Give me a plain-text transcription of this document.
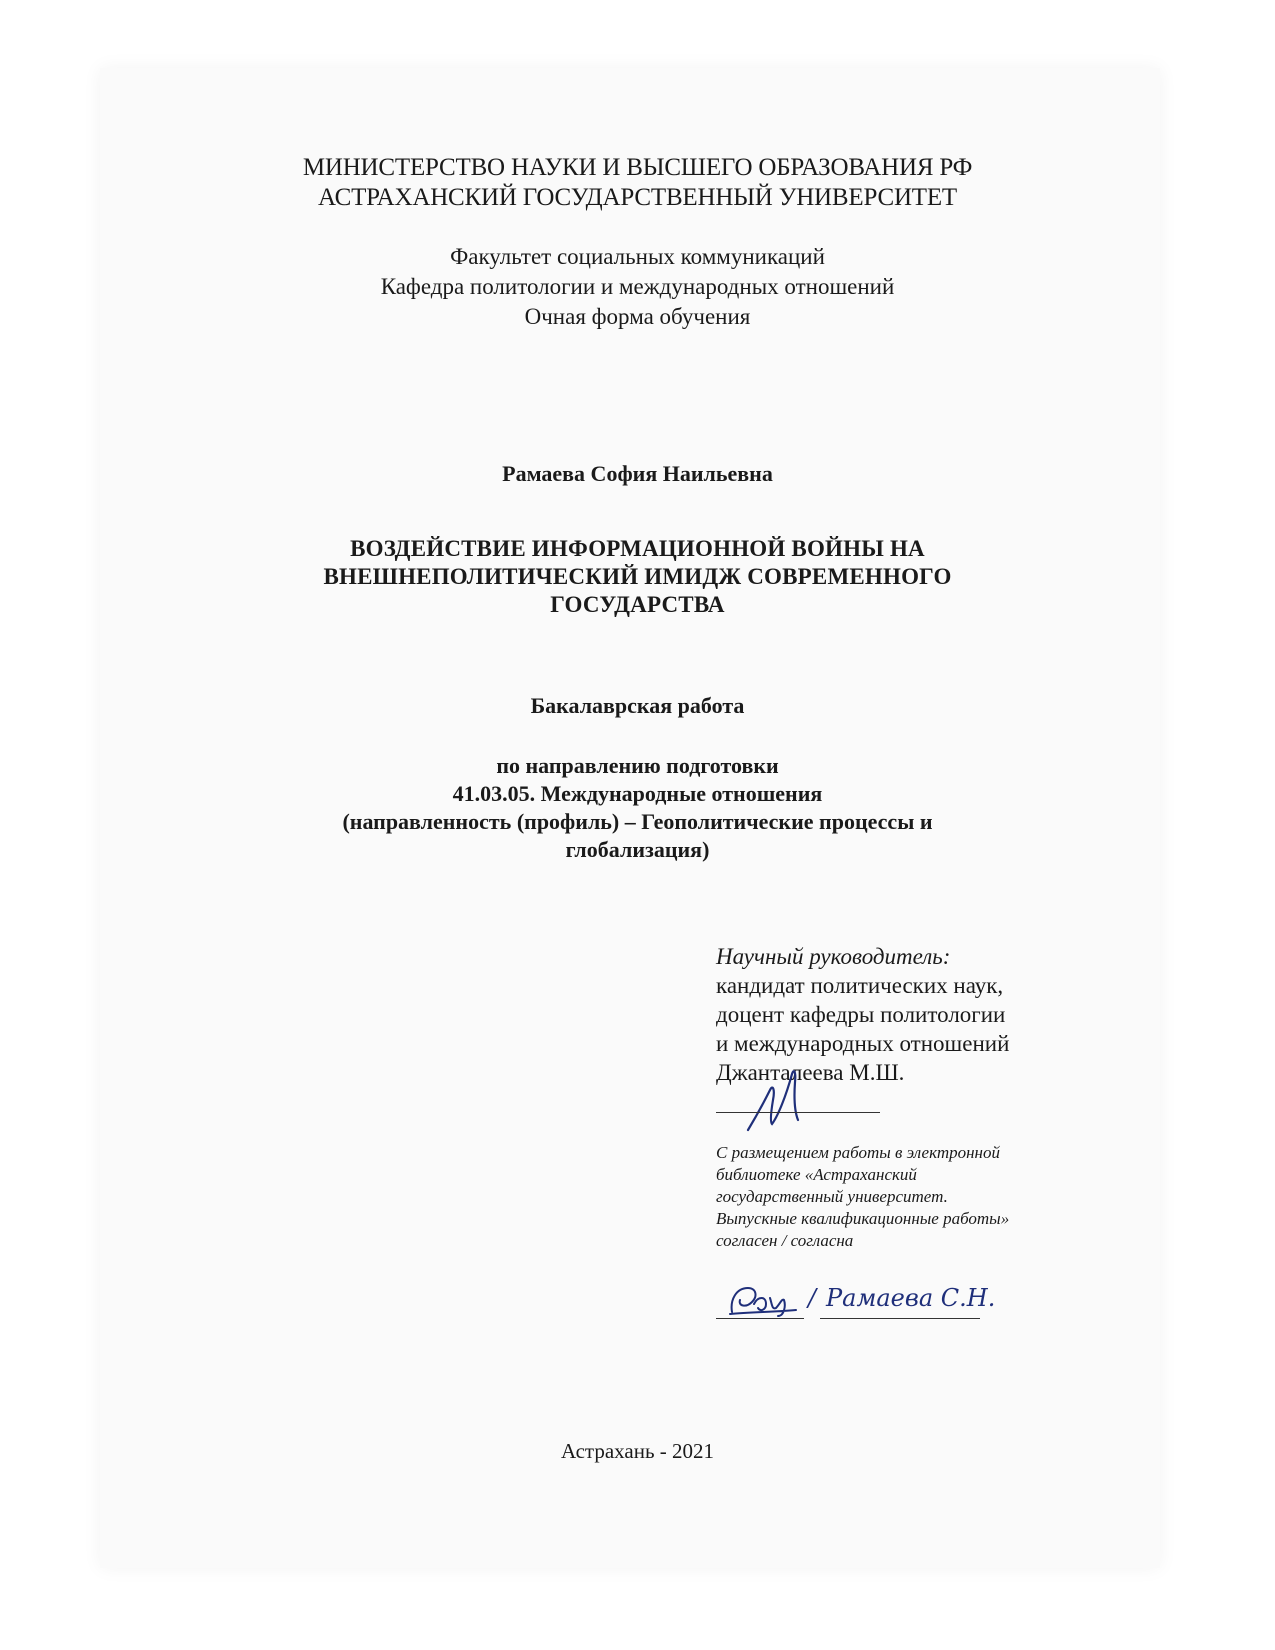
МИНИСТЕРСТВО НАУКИ И ВЫСШЕГО ОБРАЗОВАНИЯ РФ
АСТРАХАНСКИЙ ГОСУДАРСТВЕННЫЙ УНИВЕРСИТЕТ
Факультет социальных коммуникаций
Кафедра политологии и международных отношений
Очная форма обучения
Рамаева София Наильевна
ВОЗДЕЙСТВИЕ ИНФОРМАЦИОННОЙ ВОЙНЫ НА
ВНЕШНЕПОЛИТИЧЕСКИЙ ИМИДЖ СОВРЕМЕННОГО
ГОСУДАРСТВА
Бакалаврская работа
по направлению подготовки
41.03.05. Международные отношения
(направленность (профиль) – Геополитические процессы и
глобализация)
Научный руководитель:
кандидат политических наук,
доцент кафедры политологии
и международных отношений
Джанталеева М.Ш.
С размещением работы в электронной
библиотеке «Астраханский
государственный университет.
Выпускные квалификационные работы»
согласен / согласна
/ Рамаева С.Н.
Астрахань - 2021
